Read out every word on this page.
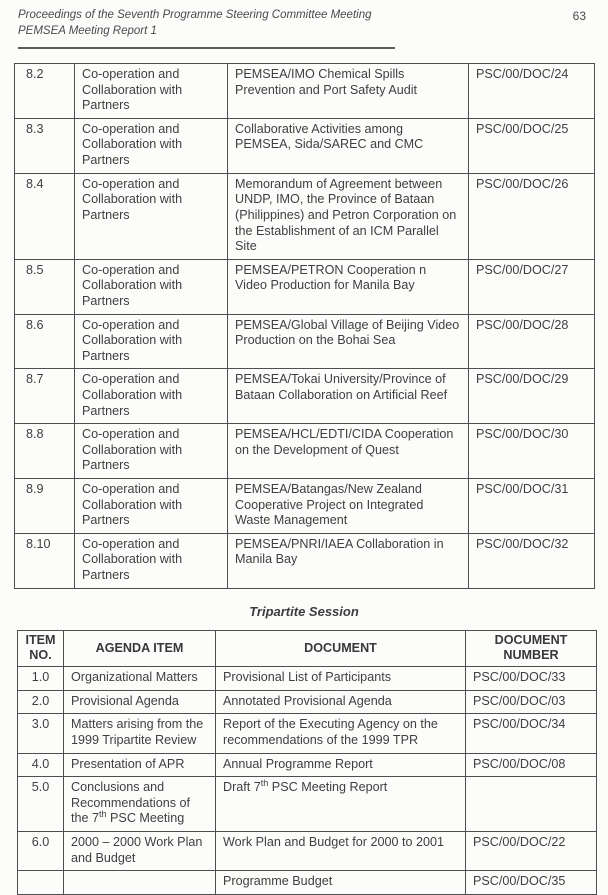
Proceedings of the Seventh Programme Steering Committee Meeting
PEMSEA Meeting Report 1
63
8.2	Co-operation and Collaboration with Partners	PEMSEA/IMO Chemical Spills Prevention and Port Safety Audit	PSC/00/DOC/24
8.3	Co-operation and Collaboration with Partners	Collaborative Activities among PEMSEA, Sida/SAREC and CMC	PSC/00/DOC/25
8.4	Co-operation and Collaboration with Partners	Memorandum of Agreement between UNDP, IMO, the Province of Bataan (Philippines) and Petron Corporation on the Establishment of an ICM Parallel Site	PSC/00/DOC/26
8.5	Co-operation and Collaboration with Partners	PEMSEA/PETRON Cooperation n Video Production for Manila Bay	PSC/00/DOC/27
8.6	Co-operation and Collaboration with Partners	PEMSEA/Global Village of Beijing Video Production on the Bohai Sea	PSC/00/DOC/28
8.7	Co-operation and Collaboration with Partners	PEMSEA/Tokai University/Province of Bataan Collaboration on Artificial Reef	PSC/00/DOC/29
8.8	Co-operation and Collaboration with Partners	PEMSEA/HCL/EDTI/CIDA Cooperation on the Development of Quest	PSC/00/DOC/30
8.9	Co-operation and Collaboration with Partners	PEMSEA/Batangas/New Zealand Cooperative Project on Integrated Waste Management	PSC/00/DOC/31
8.10	Co-operation and Collaboration with Partners	PEMSEA/PNRI/IAEA Collaboration in Manila Bay	PSC/00/DOC/32
Tripartite Session
ITEM NO.	AGENDA ITEM	DOCUMENT	DOCUMENT NUMBER
1.0	Organizational Matters	Provisional List of Participants	PSC/00/DOC/33
2.0	Provisional Agenda	Annotated Provisional Agenda	PSC/00/DOC/03
3.0	Matters arising from the 1999 Tripartite Review	Report of the Executing Agency on the recommendations of the 1999 TPR	PSC/00/DOC/34
4.0	Presentation of APR	Annual Programme Report	PSC/00/DOC/08
5.0	Conclusions and Recommendations of the 7th PSC Meeting	Draft 7th PSC Meeting Report	
6.0	2000 – 2000 Work Plan and Budget	Work Plan and Budget for 2000 to 2001	PSC/00/DOC/22
		Programme Budget	PSC/00/DOC/35
